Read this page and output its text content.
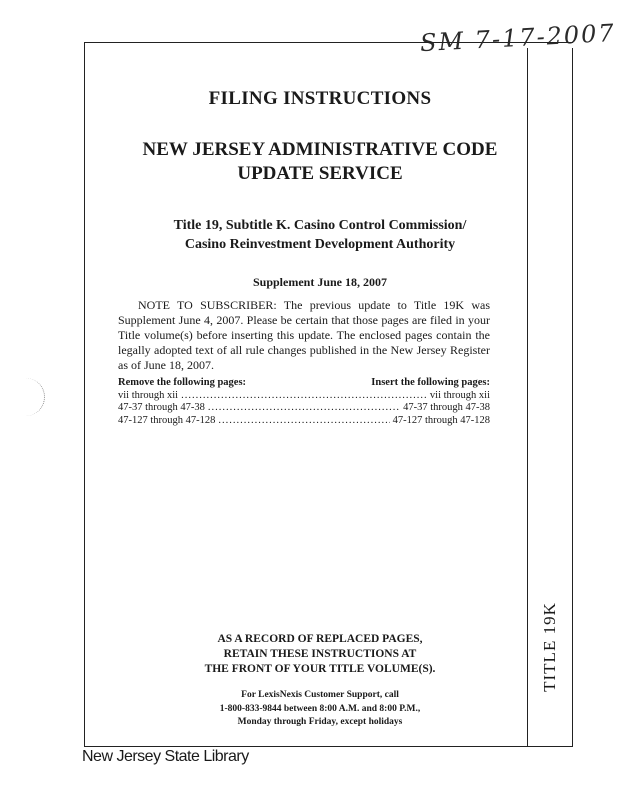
SM 7-17-2007
TITLE 19K
FILING INSTRUCTIONS
NEW JERSEY ADMINISTRATIVE CODE
UPDATE SERVICE
Title 19, Subtitle K. Casino Control Commission/
Casino Reinvestment Development Authority
Supplement June 18, 2007
NOTE TO SUBSCRIBER: The previous update to Title 19K was Supplement June 4, 2007. Please be certain that those pages are filed in your Title volume(s) before inserting this update. The enclosed pages contain the legally adopted text of all rule changes published in the New Jersey Register as of June 18, 2007.
Remove the following pages:	Insert the following pages:
vii through xii .....	vii through xii
47-37 through 47-38 .....	47-37 through 47-38
47-127 through 47-128 .....	47-127 through 47-128
AS A RECORD OF REPLACED PAGES,
RETAIN THESE INSTRUCTIONS AT
THE FRONT OF YOUR TITLE VOLUME(S).
For LexisNexis Customer Support, call
1-800-833-9844 between 8:00 A.M. and 8:00 P.M.,
Monday through Friday, except holidays
New Jersey State Library
